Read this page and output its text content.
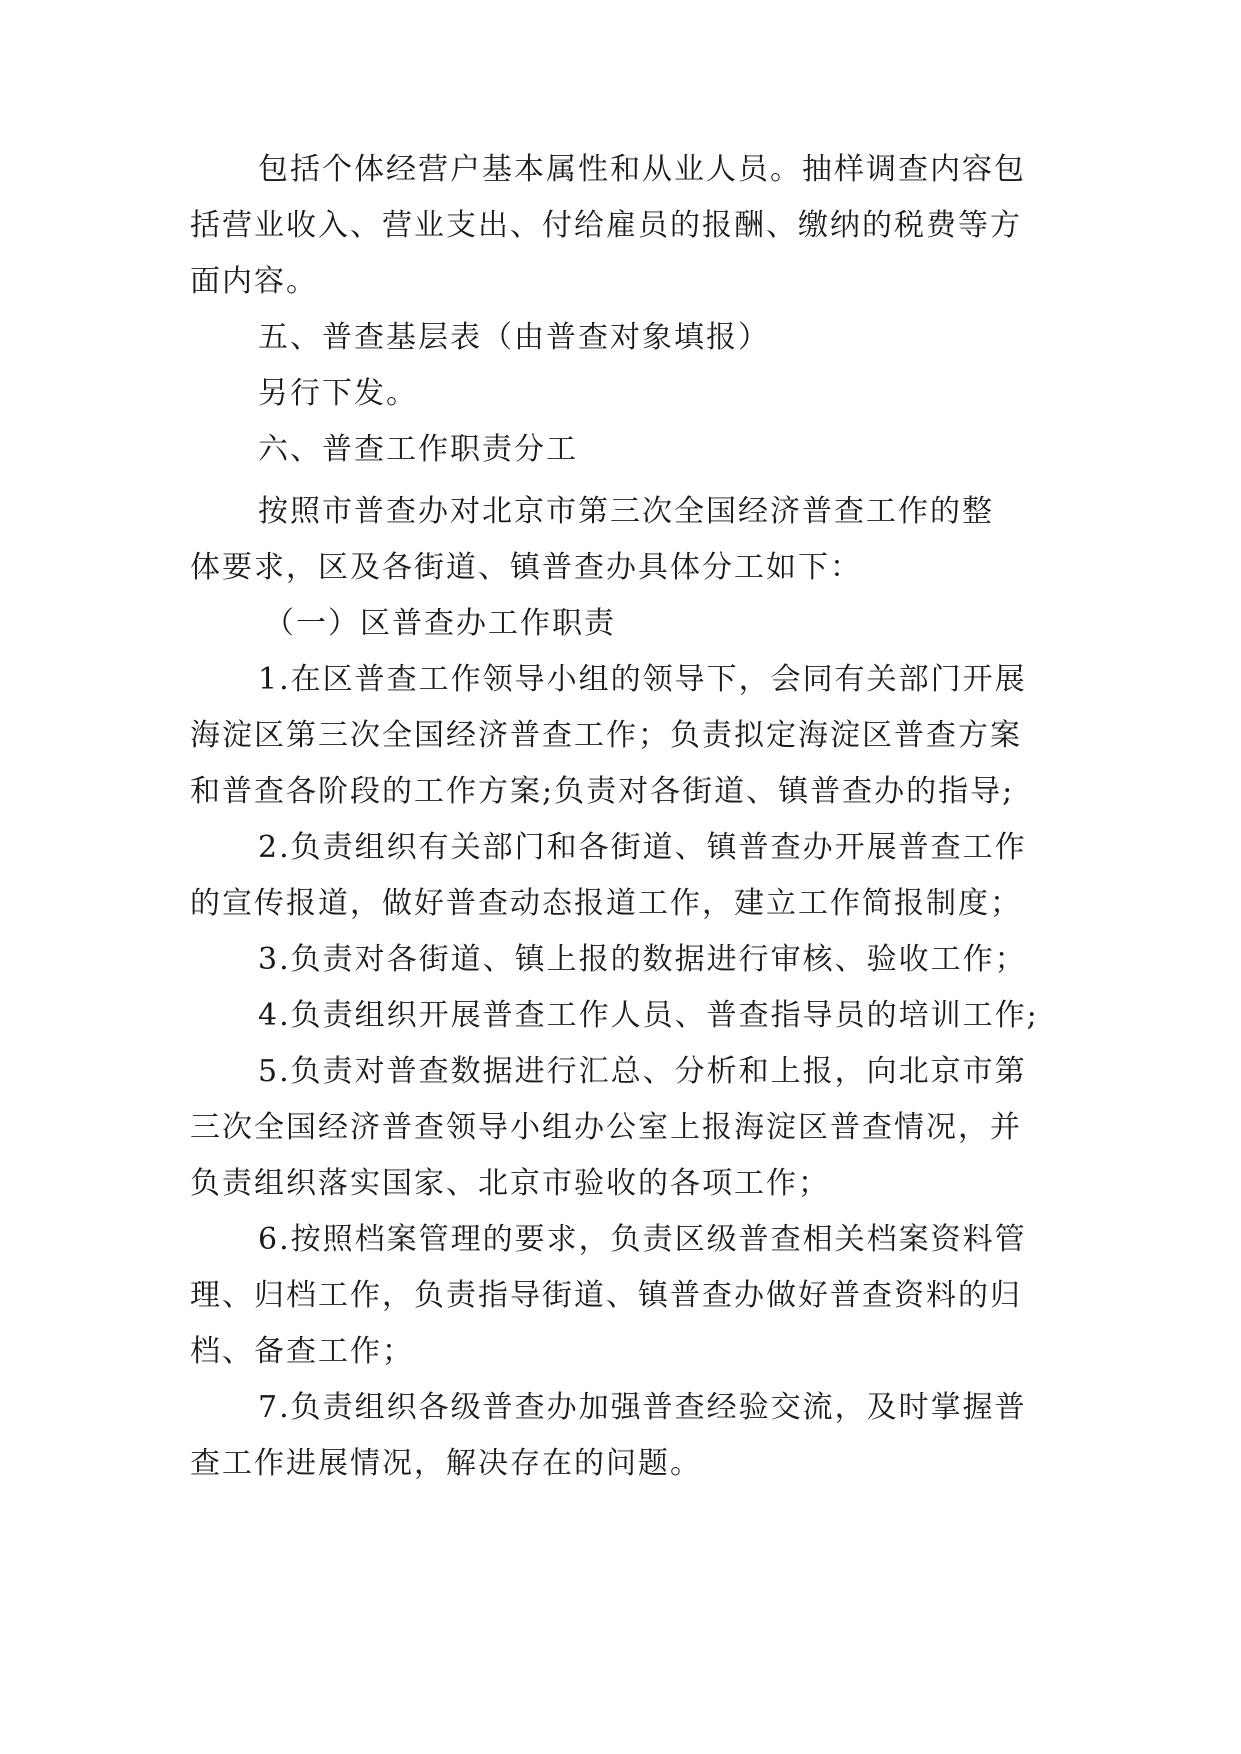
包括个体经营户基本属性和从业人员。抽样调查内容包
括营业收入、营业支出、付给雇员的报酬、缴纳的税费等方
面内容。
五、普查基层表（由普查对象填报）
另行下发。
六、普查工作职责分工
按照市普查办对北京市第三次全国经济普查工作的整
体要求，区及各街道、镇普查办具体分工如下：
（一）区普查办工作职责
1.在区普查工作领导小组的领导下，会同有关部门开展
海淀区第三次全国经济普查工作；负责拟定海淀区普查方案
和普查各阶段的工作方案;负责对各街道、镇普查办的指导;
2.负责组织有关部门和各街道、镇普查办开展普查工作
的宣传报道，做好普查动态报道工作，建立工作简报制度；
3.负责对各街道、镇上报的数据进行审核、验收工作；
4.负责组织开展普查工作人员、普查指导员的培训工作;
5.负责对普查数据进行汇总、分析和上报，向北京市第
三次全国经济普查领导小组办公室上报海淀区普查情况，并
负责组织落实国家、北京市验收的各项工作；
6.按照档案管理的要求，负责区级普查相关档案资料管
理、归档工作，负责指导街道、镇普查办做好普查资料的归
档、备查工作；
7.负责组织各级普查办加强普查经验交流，及时掌握普
查工作进展情况，解决存在的问题。
